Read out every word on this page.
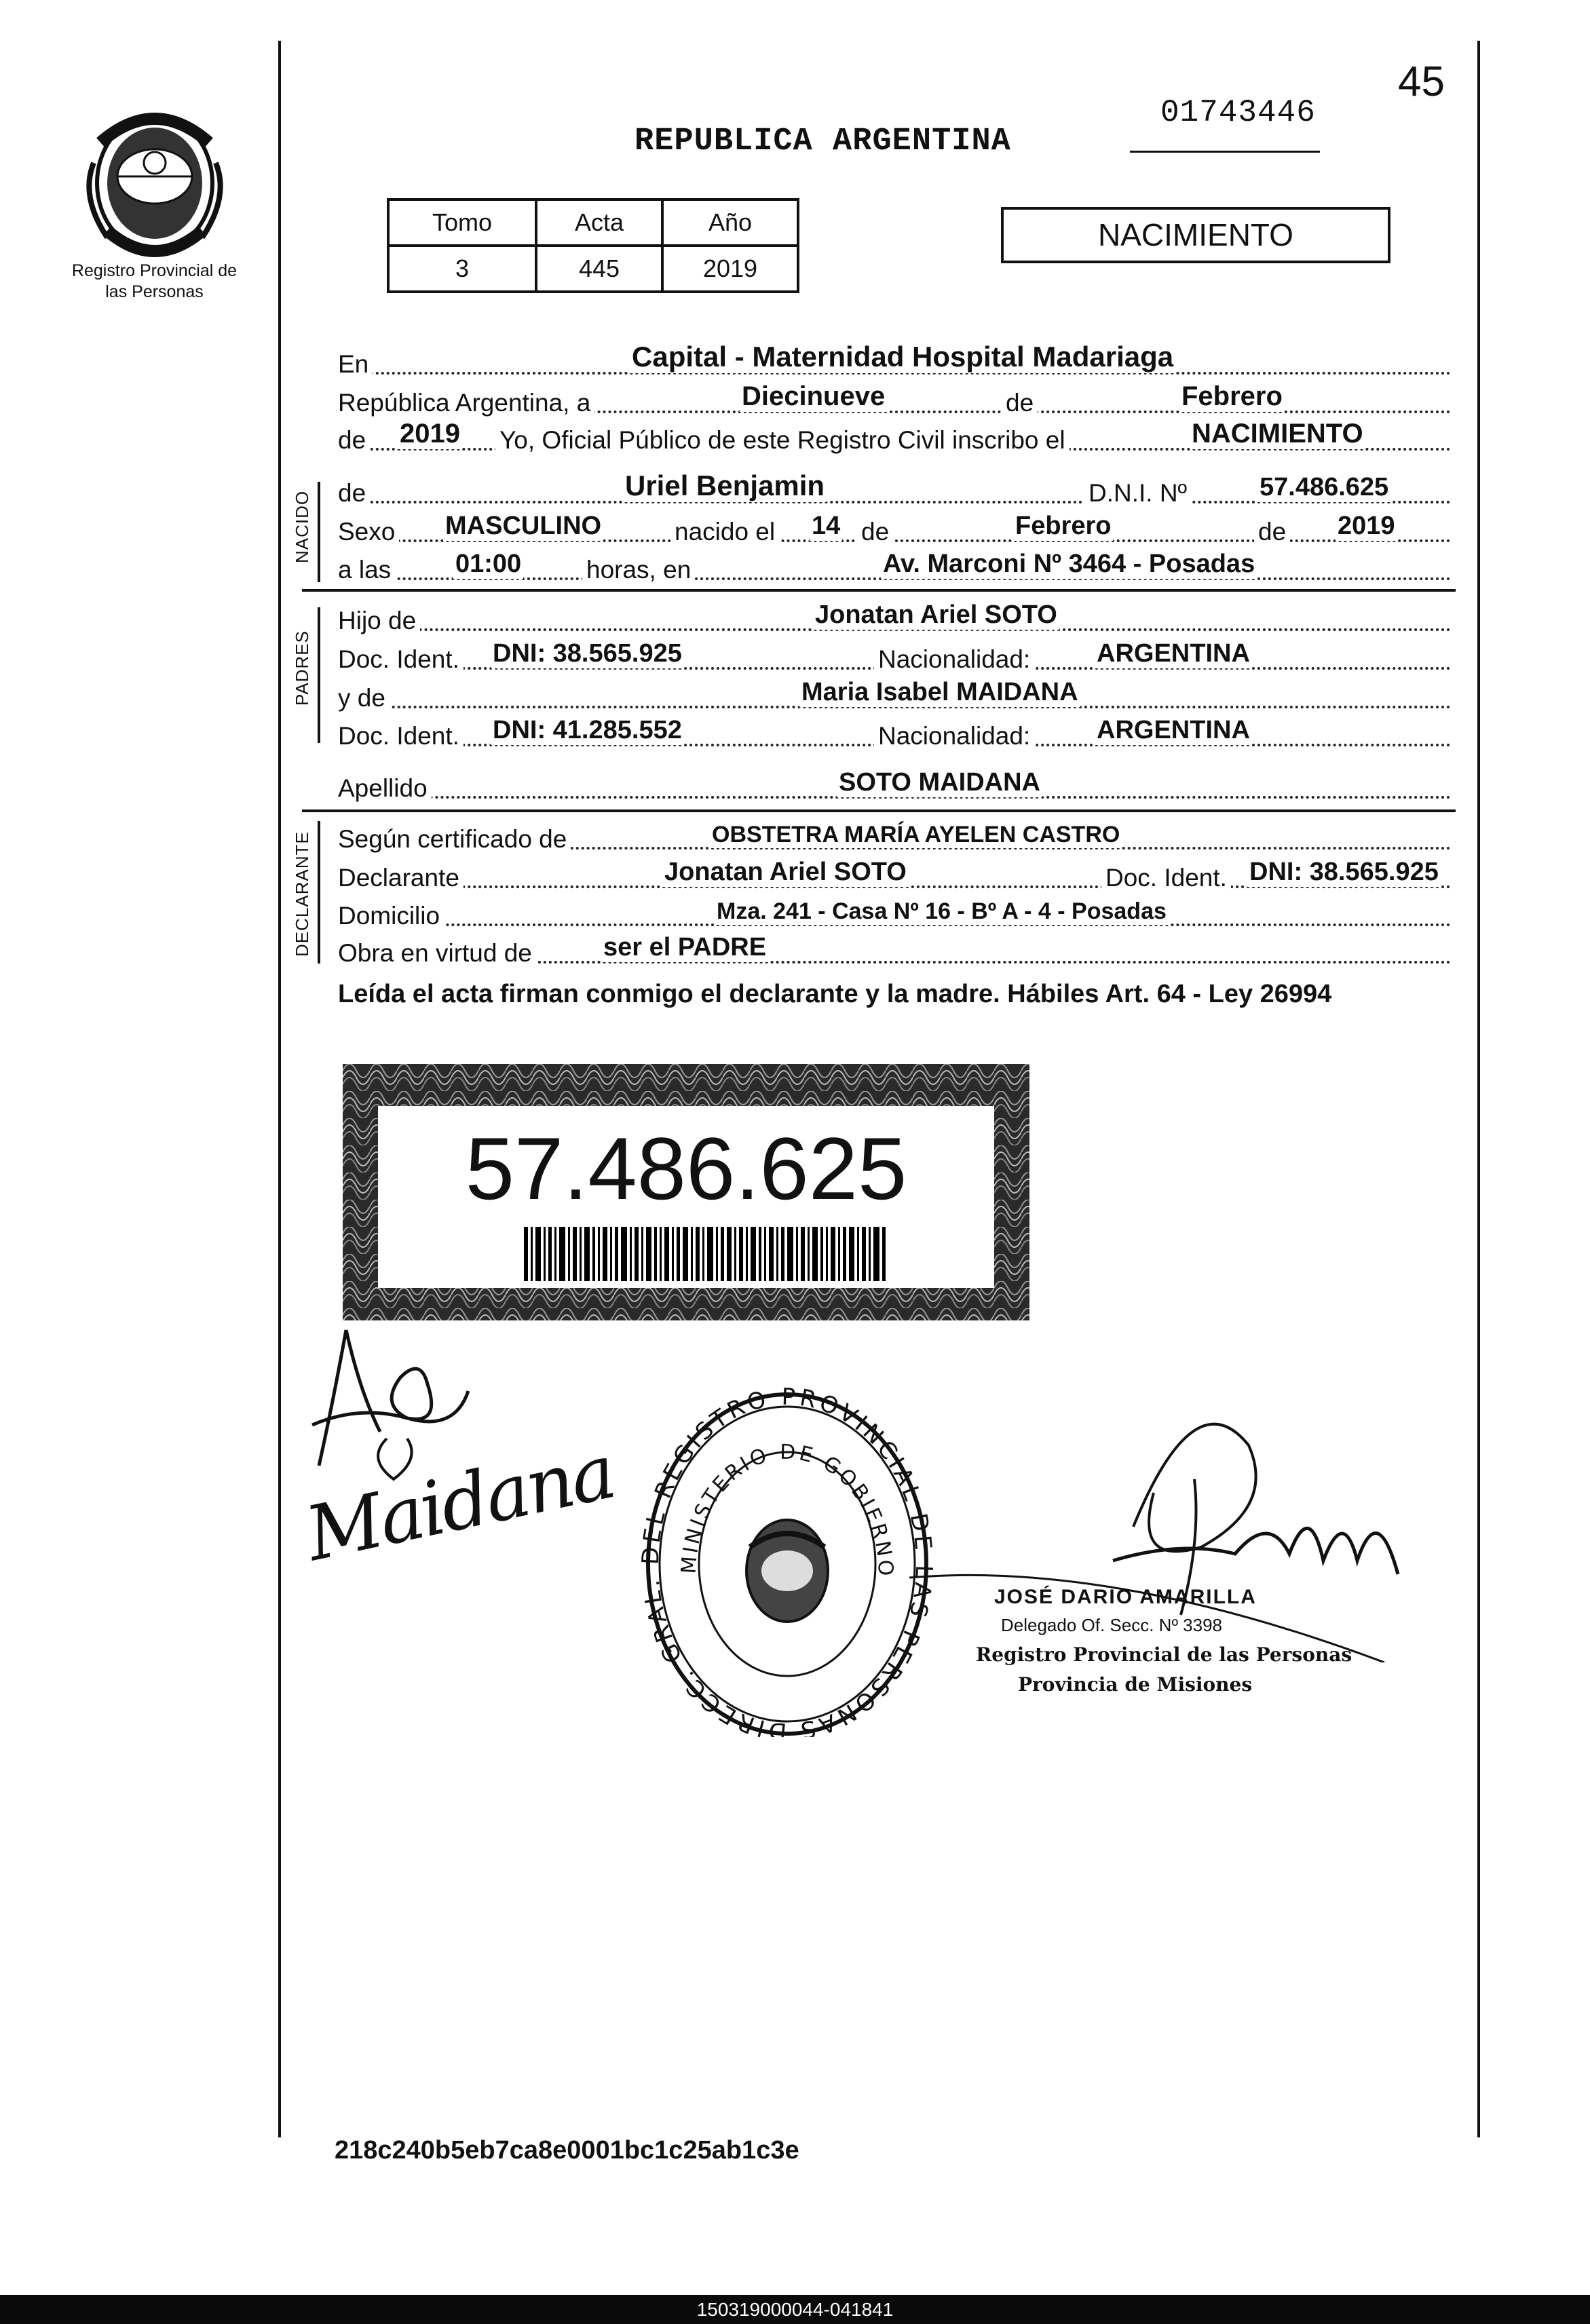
Registro Provincial de las Personas
45
01743446
REPUBLICA ARGENTINA
Tomo	Acta	Año
3	445	2019
NACIMIENTO
En	Capital - Maternidad Hospital Madariaga
República Argentina, a	Diecinueve	de	Febrero
de 2019 Yo, Oficial Público de este Registro Civil inscribo el	NACIMIENTO
NACIDO de	Uriel Benjamin	D.N.I. Nº	57.486.625
Sexo MASCULINO	nacido el 14 de	Febrero	de 2019
a las 01:00	horas, en	Av. Marconi Nº 3464 - Posadas
PADRES
Hijo de	Jonatan Ariel SOTO
Doc. Ident. DNI: 38.565.925	Nacionalidad:	ARGENTINA
y de	Maria Isabel MAIDANA
Doc. Ident. DNI: 41.285.552	Nacionalidad:	ARGENTINA
Apellido	SOTO MAIDANA
DECLARANTE Según certificado de	OBSTETRA MARÍA AYELEN CASTRO
Declarante	Jonatan Ariel SOTO	Doc. Ident. DNI: 38.565.925
Domicilio	Mza. 241 - Casa Nº 16 - Bº A - 4 - Posadas
Obra en virtud de	ser el PADRE
Leída el acta firman conmigo el declarante y la madre. Hábiles Art. 64 - Ley 26994
57.486.625
Maidana
DIRECC. GRAL L REGISTRO PROVINCIAL D S PERSONAS
MINISTERIO DE GOBIERNO
JOSÉ DARIO AMARILLA
Delegado Of. Secc. Nº 3398
Registro Provincial de las Personas
Provincia de Misiones
218c240b5eb7ca8e0001bc1c25ab1c3e
150319000044-041841
